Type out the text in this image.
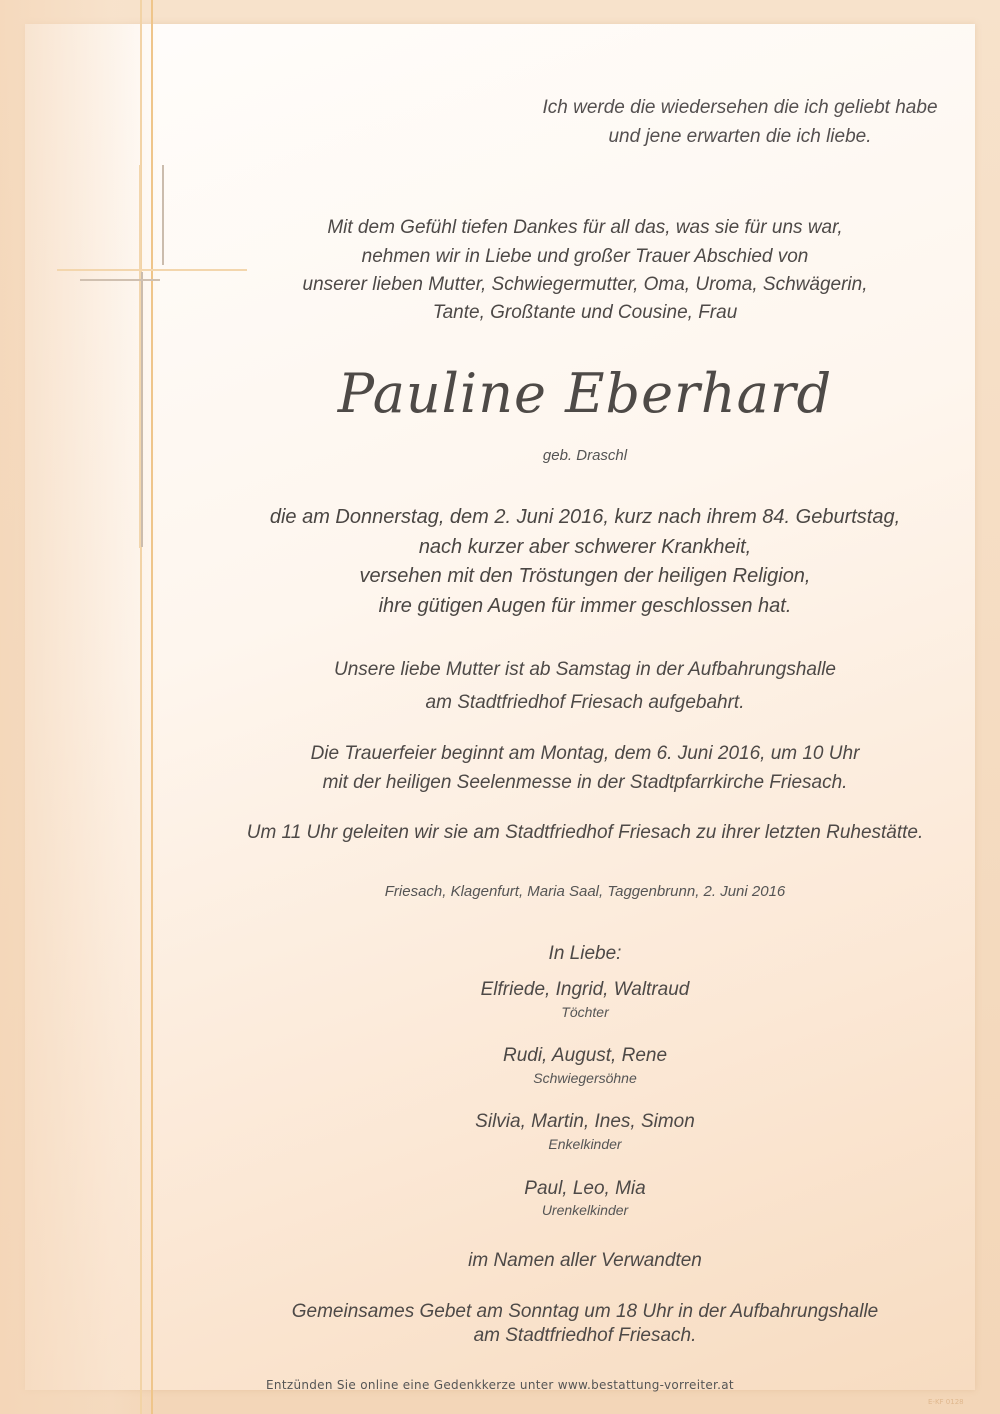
Ich werde die wiedersehen die ich geliebt habe
und jene erwarten die ich liebe.
Mit dem Gefühl tiefen Dankes für all das, was sie für uns war,
nehmen wir in Liebe und großer Trauer Abschied von
unserer lieben Mutter, Schwiegermutter, Oma, Uroma, Schwägerin,
Tante, Großtante und Cousine, Frau
Pauline Eberhard
geb. Draschl
die am Donnerstag, dem 2. Juni 2016, kurz nach ihrem 84. Geburtstag,
nach kurzer aber schwerer Krankheit,
versehen mit den Tröstungen der heiligen Religion,
ihre gütigen Augen für immer geschlossen hat.
Unsere liebe Mutter ist ab Samstag in der Aufbahrungshalle
am Stadtfriedhof Friesach aufgebahrt.
Die Trauerfeier beginnt am Montag, dem 6. Juni 2016, um 10 Uhr
mit der heiligen Seelenmesse in der Stadtpfarrkirche Friesach.
Um 11 Uhr geleiten wir sie am Stadtfriedhof Friesach zu ihrer letzten Ruhestätte.
Friesach, Klagenfurt, Maria Saal, Taggenbrunn, 2. Juni 2016
In Liebe:
Elfriede, Ingrid, Waltraud
Töchter
Rudi, August, Rene
Schwiegersöhne
Silvia, Martin, Ines, Simon
Enkelkinder
Paul, Leo, Mia
Urenkelkinder
im Namen aller Verwandten
Gemeinsames Gebet am Sonntag um 18 Uhr in der Aufbahrungshalle
am Stadtfriedhof Friesach.
Entzünden Sie online eine Gedenkkerze unter www.bestattung-vorreiter.at
E-KF 0128
